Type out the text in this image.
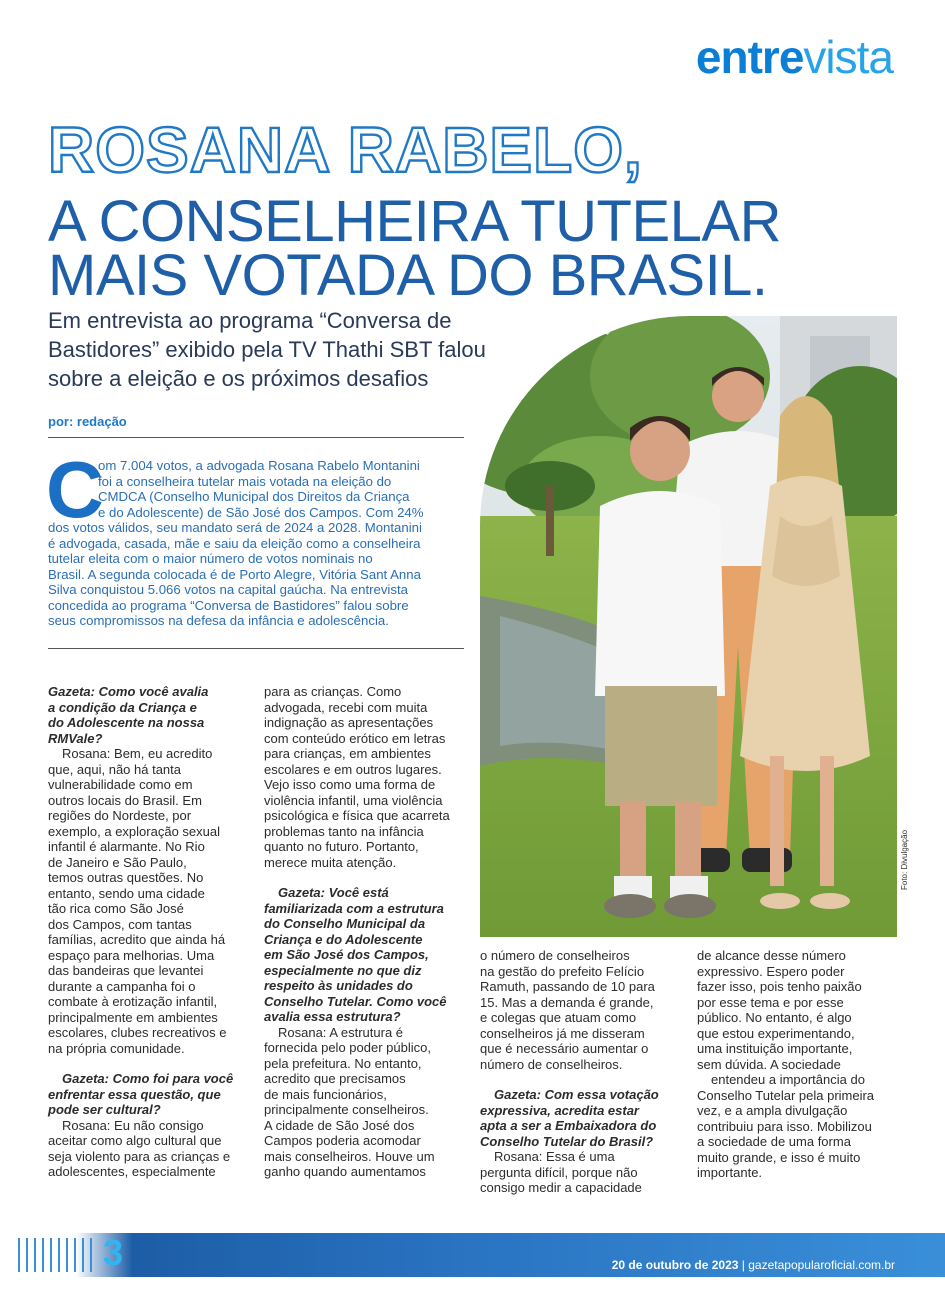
entrevista
ROSANA RABELO,
A CONSELHEIRA TUTELAR
MAIS VOTADA DO BRASIL.
Em entrevista ao programa “Conversa de
Bastidores” exibido pela TV Thathi SBT falou
sobre a eleição e os próximos desafios
por: redação
C
om 7.004 votos, a advogada Rosana Rabelo Montanini
foi a conselheira tutelar mais votada na eleição do
CMDCA (Conselho Municipal dos Direitos da Criança
e do Adolescente) de São José dos Campos. Com 24%
dos votos válidos, seu mandato será de 2024 a 2028. Montanini
é advogada, casada, mãe e saiu da eleição como a conselheira
tutelar eleita com o maior número de votos nominais no
Brasil. A segunda colocada é de Porto Alegre, Vitória Sant Anna
Silva conquistou 5.066 votos na capital gaúcha. Na entrevista
concedida ao programa “Conversa de Bastidores” falou sobre
seus compromissos na defesa da infância e adolescência.
Foto: Divulgação
Gazeta: Como você avalia
a condição da Criança e
do Adolescente na nossa
RMVale?
Rosana: Bem, eu acredito
que, aqui, não há tanta
vulnerabilidade como em
outros locais do Brasil. Em
regiões do Nordeste, por
exemplo, a exploração sexual
infantil é alarmante. No Rio
de Janeiro e São Paulo,
temos outras questões. No
entanto, sendo uma cidade
tão rica como São José
dos Campos, com tantas
famílias, acredito que ainda há
espaço para melhorias. Uma
das bandeiras que levantei
durante a campanha foi o
combate à erotização infantil,
principalmente em ambientes
escolares, clubes recreativos e
na própria comunidade.
Gazeta: Como foi para você
enfrentar essa questão, que
pode ser cultural?
Rosana: Eu não consigo
aceitar como algo cultural que
seja violento para as crianças e
adolescentes, especialmente
para as crianças. Como
advogada, recebi com muita
indignação as apresentações
com conteúdo erótico em letras
para crianças, em ambientes
escolares e em outros lugares.
Vejo isso como uma forma de
violência infantil, uma violência
psicológica e física que acarreta
problemas tanto na infância
quanto no futuro. Portanto,
merece muita atenção.
Gazeta: Você está
familiarizada com a estrutura
do Conselho Municipal da
Criança e do Adolescente
em São José dos Campos,
especialmente no que diz
respeito às unidades do
Conselho Tutelar. Como você
avalia essa estrutura?
Rosana: A estrutura é
fornecida pelo poder público,
pela prefeitura. No entanto,
acredito que precisamos
de mais funcionários,
principalmente conselheiros.
A cidade de São José dos
Campos poderia acomodar
mais conselheiros. Houve um
ganho quando aumentamos
o número de conselheiros
na gestão do prefeito Felício
Ramuth, passando de 10 para
15. Mas a demanda é grande,
e colegas que atuam como
conselheiros já me disseram
que é necessário aumentar o
número de conselheiros.
Gazeta: Com essa votação
expressiva, acredita estar
apta a ser a Embaixadora do
Conselho Tutelar do Brasil?
Rosana: Essa é uma
pergunta difícil, porque não
consigo medir a capacidade
de alcance desse número
expressivo. Espero poder
fazer isso, pois tenho paixão
por esse tema e por esse
público. No entanto, é algo
que estou experimentando,
uma instituição importante,
sem dúvida. A sociedade
entendeu a importância do
Conselho Tutelar pela primeira
vez, e a ampla divulgação
contribuiu para isso. Mobilizou
a sociedade de uma forma
muito grande, e isso é muito
importante.
3	20 de outubro de 2023 | gazetapopularoficial.com.br
